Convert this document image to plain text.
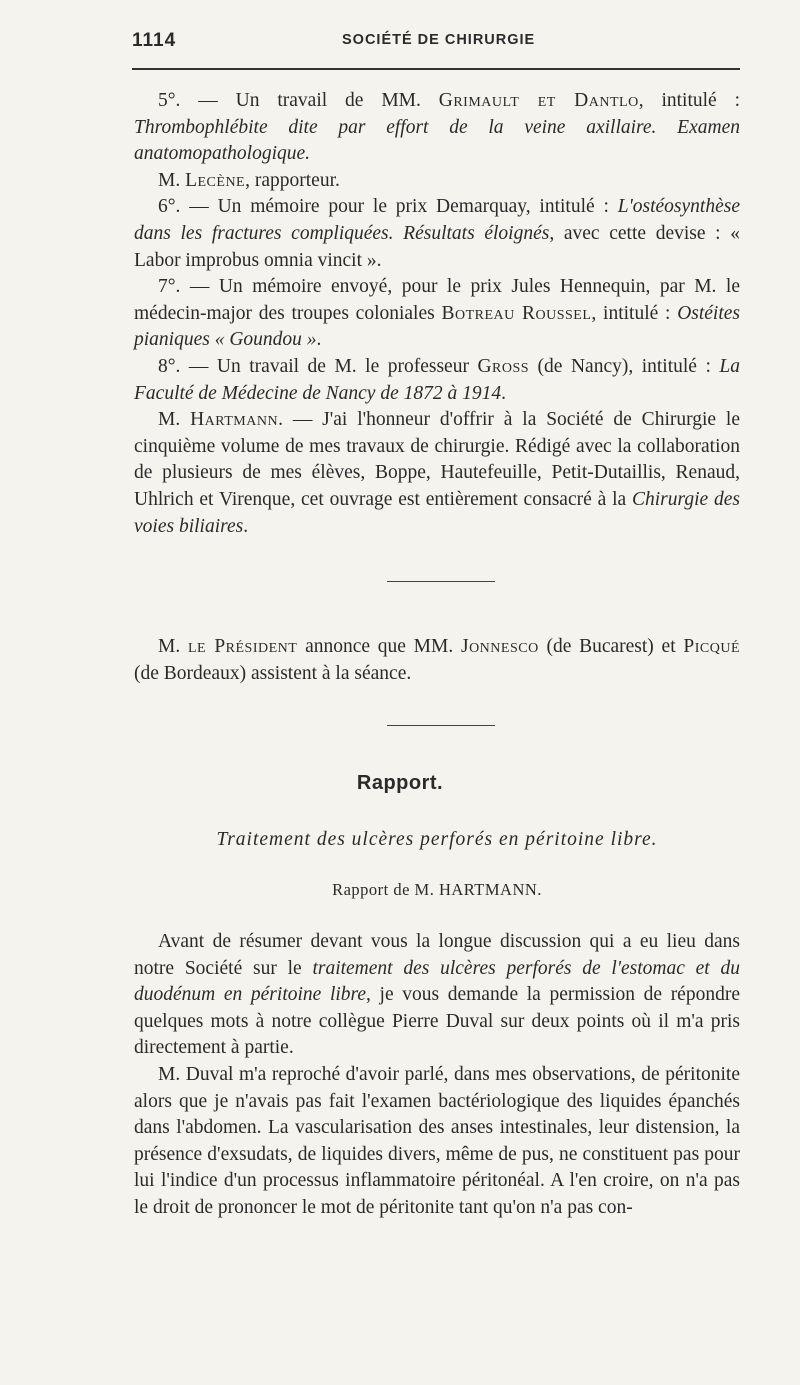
1114	SOCIÉTÉ DE CHIRURGIE

5°. — Un travail de MM. Grimault et Dantlo, intitulé : Thrombophlébite dite par effort de la veine axillaire. Examen anatomopathologique.

M. Lecène, rapporteur.

6°. — Un mémoire pour le prix Demarquay, intitulé : L'ostéosynthèse dans les fractures compliquées. Résultats éloignés, avec cette devise : « Labor improbus omnia vincit ».

7°. — Un mémoire envoyé, pour le prix Jules Hennequin, par M. le médecin-major des troupes coloniales Botreau Roussel, intitulé : Ostéites pianiques « Goundou ».

8°. — Un travail de M. le professeur Gross (de Nancy), intitulé : La Faculté de Médecine de Nancy de 1872 à 1914.

M. Hartmann. — J'ai l'honneur d'offrir à la Société de Chirurgie le cinquième volume de mes travaux de chirurgie. Rédigé avec la collaboration de plusieurs de mes élèves, Boppe, Hautefeuille, Petit-Dutaillis, Renaud, Uhlrich et Virenque, cet ouvrage est entièrement consacré à la Chirurgie des voies biliaires.

M. le Président annonce que MM. Jonnesco (de Bucarest) et Picqué (de Bordeaux) assistent à la séance.

Rapport.
Traitement des ulcères perforés en péritoine libre.
Rapport de M. HARTMANN.

Avant de résumer devant vous la longue discussion qui a eu lieu dans notre Société sur le traitement des ulcères perforés de l'estomac et du duodénum en péritoine libre, je vous demande la permission de répondre quelques mots à notre collègue Pierre Duval sur deux points où il m'a pris directement à partie.

M. Duval m'a reproché d'avoir parlé, dans mes observations, de péritonite alors que je n'avais pas fait l'examen bactériologique des liquides épanchés dans l'abdomen. La vascularisation des anses intestinales, leur distension, la présence d'exsudats, de liquides divers, même de pus, ne constituent pas pour lui l'indice d'un processus inflammatoire péritonéal. A l'en croire, on n'a pas le droit de prononcer le mot de péritonite tant qu'on n'a pas con-
